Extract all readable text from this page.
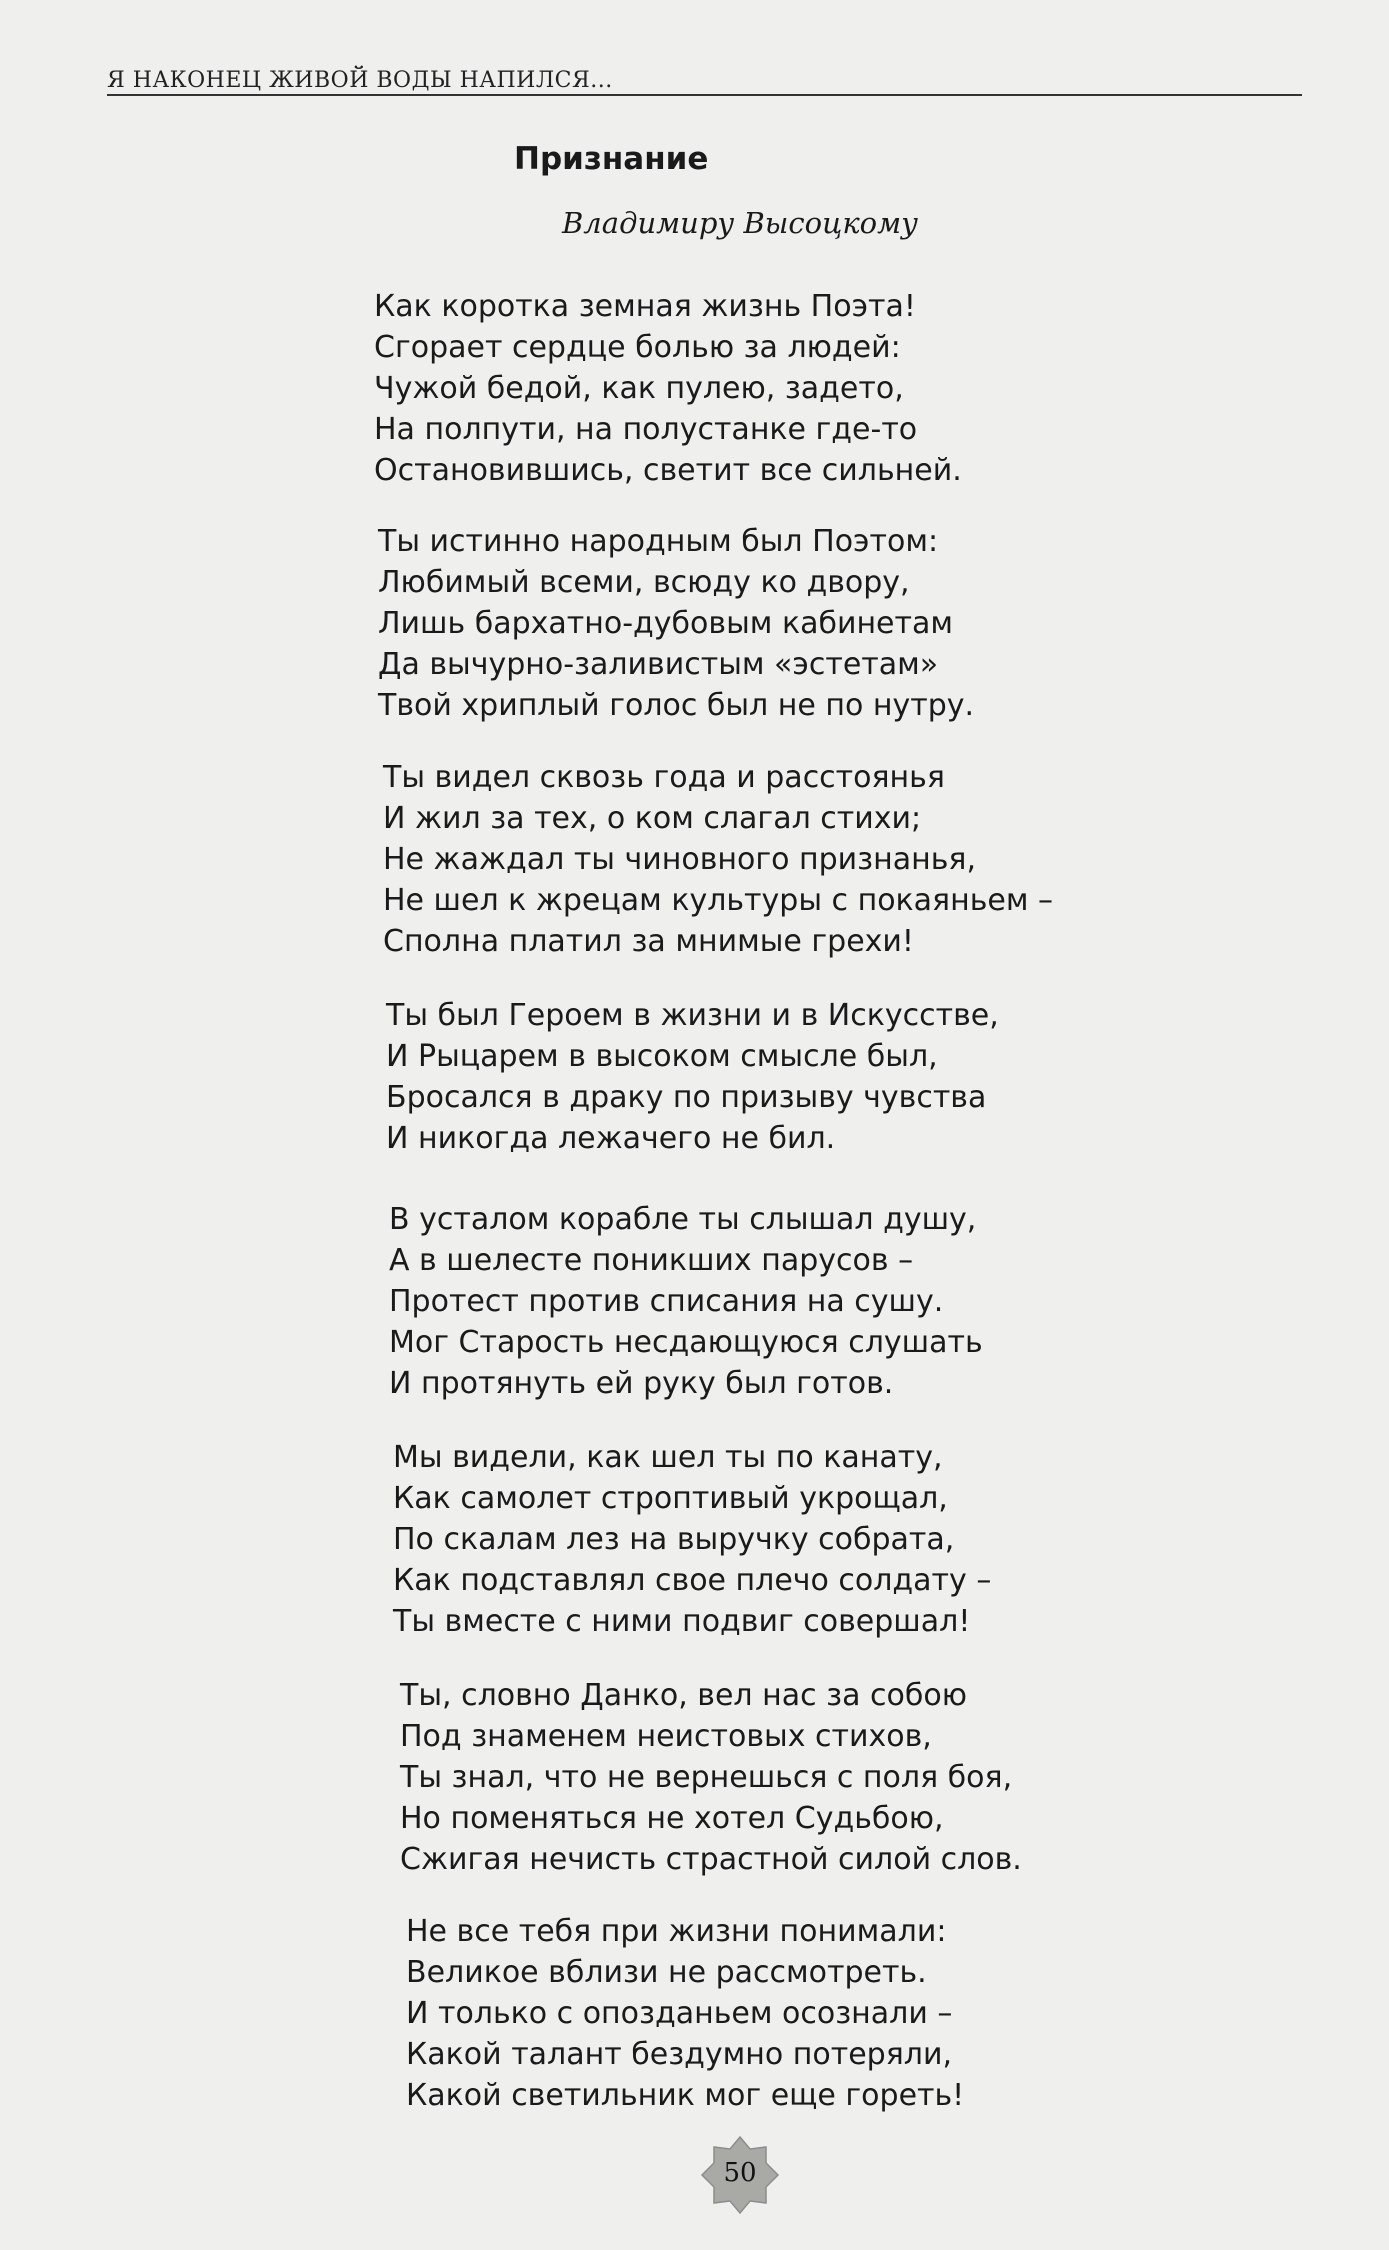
Я НАКОНЕЦ ЖИВОЙ ВОДЫ НАПИЛСЯ...
Признание
Владимиру Высоцкому
Как коротка земная жизнь Поэта!
Сгорает сердце болью за людей:
Чужой бедой, как пулею, задето,
На полпути, на полустанке где-то
Остановившись, светит все сильней.
Ты истинно народным был Поэтом:
Любимый всеми, всюду ко двору,
Лишь бархатно-дубовым кабинетам
Да вычурно-заливистым «эстетам»
Твой хриплый голос был не по нутру.
Ты видел сквозь года и расстоянья
И жил за тех, о ком слагал стихи;
Не жаждал ты чиновного признанья,
Не шел к жрецам культуры с покаяньем –
Сполна платил за мнимые грехи!
Ты был Героем в жизни и в Искусстве,
И Рыцарем в высоком смысле был,
Бросался в драку по призыву чувства
И никогда лежачего не бил.
В усталом корабле ты слышал душу,
А в шелесте поникших парусов –
Протест против списания на сушу.
Мог Старость несдающуюся слушать
И протянуть ей руку был готов.
Мы видели, как шел ты по канату,
Как самолет строптивый укрощал,
По скалам лез на выручку собрата,
Как подставлял свое плечо солдату –
Ты вместе с ними подвиг совершал!
Ты, словно Данко, вел нас за собою
Под знаменем неистовых стихов,
Ты знал, что не вернешься с поля боя,
Но поменяться не хотел Судьбою,
Сжигая нечисть страстной силой слов.
Не все тебя при жизни понимали:
Великое вблизи не рассмотреть.
И только с опозданьем осознали –
Какой талант бездумно потеряли,
Какой светильник мог еще гореть!
50
